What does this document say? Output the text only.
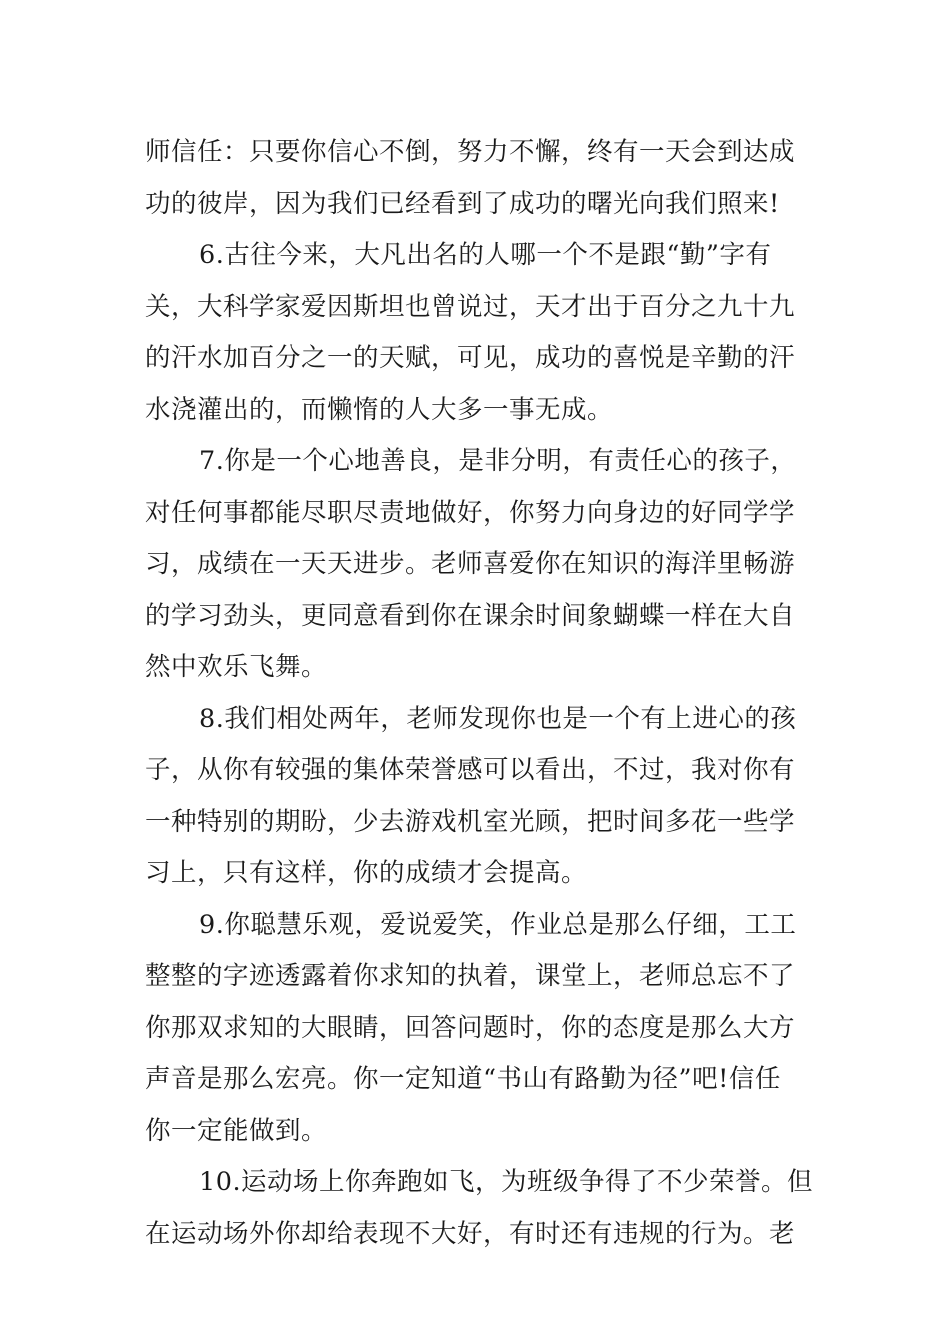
师信任：只要你信心不倒，努力不懈，终有一天会到达成
功的彼岸，因为我们已经看到了成功的曙光向我们照来!
6.古往今来，大凡出名的人哪一个不是跟“勤”字有
关，大科学家爱因斯坦也曾说过，天才出于百分之九十九
的汗水加百分之一的天赋，可见，成功的喜悦是辛勤的汗
水浇灌出的，而懒惰的人大多一事无成。
7.你是一个心地善良，是非分明，有责任心的孩子，
对任何事都能尽职尽责地做好，你努力向身边的好同学学
习，成绩在一天天进步。老师喜爱你在知识的海洋里畅游
的学习劲头，更同意看到你在课余时间象蝴蝶一样在大自
然中欢乐飞舞。
8.我们相处两年，老师发现你也是一个有上进心的孩
子，从你有较强的集体荣誉感可以看出，不过，我对你有
一种特别的期盼，少去游戏机室光顾，把时间多花一些学
习上，只有这样，你的成绩才会提高。
9.你聪慧乐观，爱说爱笑，作业总是那么仔细，工工
整整的字迹透露着你求知的执着，课堂上，老师总忘不了
你那双求知的大眼睛，回答问题时，你的态度是那么大方
声音是那么宏亮。你一定知道“书山有路勤为径”吧!信任
你一定能做到。
10.运动场上你奔跑如飞，为班级争得了不少荣誉。但
在运动场外你却给表现不大好，有时还有违规的行为。老
